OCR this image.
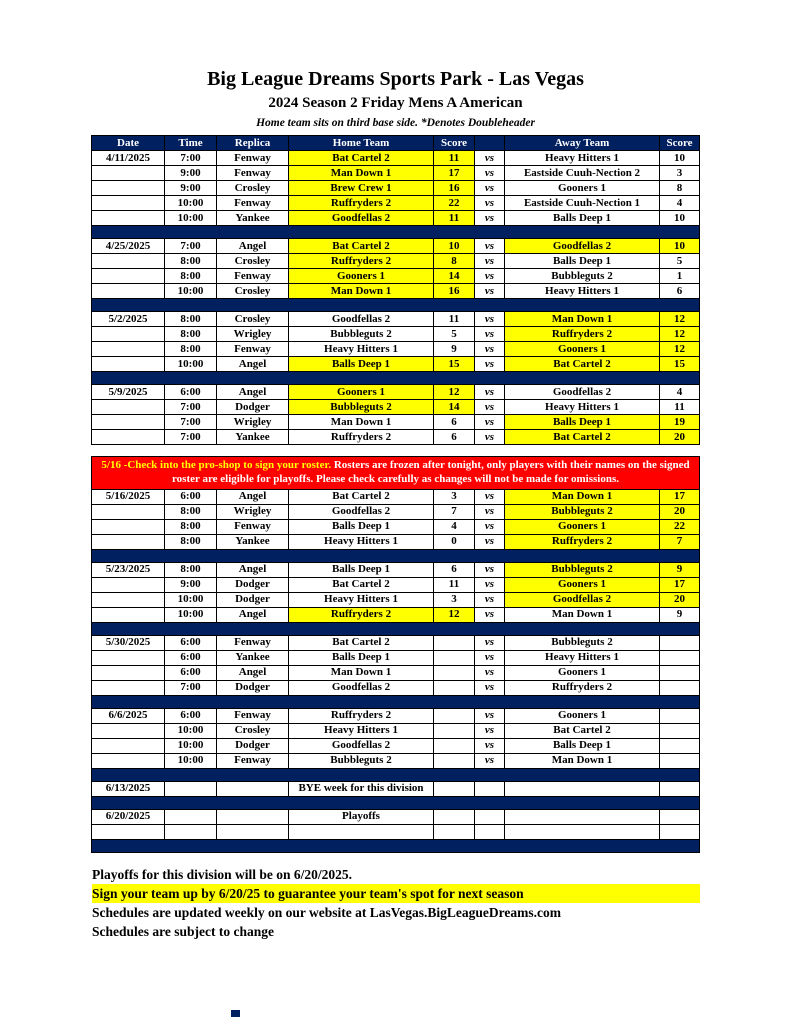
Big League Dreams Sports Park - Las Vegas
2024 Season 2 Friday Mens A American
Home team sits on third base side. *Denotes Doubleheader
Date	Time	Replica	Home Team	Score		Away Team	Score
4/11/2025	7:00	Fenway	Bat Cartel 2	11	vs	Heavy Hitters 1	10
	9:00	Fenway	Man Down 1	17	vs	Eastside Cuuh-Nection 2	3
	9:00	Crosley	Brew Crew 1	16	vs	Gooners 1	8
	10:00	Fenway	Ruffryders 2	22	vs	Eastside Cuuh-Nection 1	4
	10:00	Yankee	Goodfellas 2	11	vs	Balls Deep 1	10

4/25/2025	7:00	Angel	Bat Cartel 2	10	vs	Goodfellas 2	10
	8:00	Crosley	Ruffryders 2	8	vs	Balls Deep 1	5
	8:00	Fenway	Gooners 1	14	vs	Bubbleguts 2	1
	10:00	Crosley	Man Down 1	16	vs	Heavy Hitters 1	6

5/2/2025	8:00	Crosley	Goodfellas 2	11	vs	Man Down 1	12
	8:00	Wrigley	Bubbleguts 2	5	vs	Ruffryders 2	12
	8:00	Fenway	Heavy Hitters 1	9	vs	Gooners 1	12
	10:00	Angel	Balls Deep 1	15	vs	Bat Cartel 2	15

5/9/2025	6:00	Angel	Gooners 1	12	vs	Goodfellas 2	4
	7:00	Dodger	Bubbleguts 2	14	vs	Heavy Hitters 1	11
	7:00	Wrigley	Man Down 1	6	vs	Balls Deep 1	19
	7:00	Yankee	Ruffryders 2	6	vs	Bat Cartel 2	20

5/16 -Check into the pro-shop to sign your roster. Rosters are frozen after tonight, only players with their names on the signed roster are eligible for playoffs. Please check carefully as changes will not be made for omissions.							
5/16/2025	6:00	Angel	Bat Cartel 2	3	vs	Man Down 1	17
	8:00	Wrigley	Goodfellas 2	7	vs	Bubbleguts 2	20
	8:00	Fenway	Balls Deep 1	4	vs	Gooners 1	22
	8:00	Yankee	Heavy Hitters 1	0	vs	Ruffryders 2	7

5/23/2025	8:00	Angel	Balls Deep 1	6	vs	Bubbleguts 2	9
	9:00	Dodger	Bat Cartel 2	11	vs	Gooners 1	17
	10:00	Dodger	Heavy Hitters 1	3	vs	Goodfellas 2	20
	10:00	Angel	Ruffryders 2	12	vs	Man Down 1	9

5/30/2025	6:00	Fenway	Bat Cartel 2		vs	Bubbleguts 2	
	6:00	Yankee	Balls Deep 1		vs	Heavy Hitters 1	
	6:00	Angel	Man Down 1		vs	Gooners 1	
	7:00	Dodger	Goodfellas 2		vs	Ruffryders 2	

6/6/2025	6:00	Fenway	Ruffryders 2		vs	Gooners 1	
	10:00	Crosley	Heavy Hitters 1		vs	Bat Cartel 2	
	10:00	Dodger	Goodfellas 2		vs	Balls Deep 1	
	10:00	Fenway	Bubbleguts 2		vs	Man Down 1	

6/13/2025			BYE week for this division				

6/20/2025			Playoffs				

Playoffs for this division will be on 6/20/2025.
Sign your team up by 6/20/25 to guarantee your team's spot for next season
Schedules are updated weekly on our website at LasVegas.BigLeagueDreams.com
Schedules are subject to change
